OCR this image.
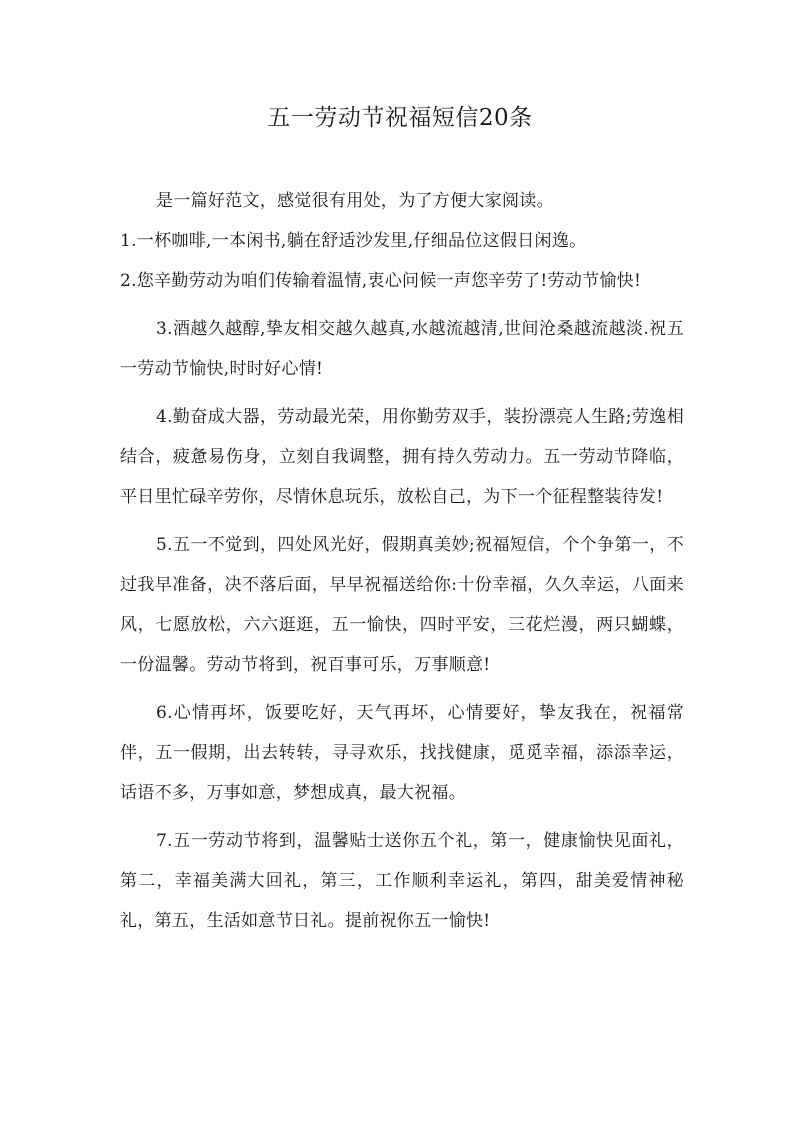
五一劳动节祝福短信20条

是一篇好范文，感觉很有用处，为了方便大家阅读。

1.一杯咖啡,一本闲书,躺在舒适沙发里,仔细品位这假日闲逸。

2.您辛勤劳动为咱们传输着温情,衷心问候一声您辛劳了!劳动节愉快!

3.酒越久越醇,挚友相交越久越真,水越流越清,世间沧桑越流越淡.祝五一劳动节愉快,时时好心情!

4.勤奋成大器，劳动最光荣，用你勤劳双手，装扮漂亮人生路;劳逸相结合，疲惫易伤身，立刻自我调整，拥有持久劳动力。五一劳动节降临，平日里忙碌辛劳你，尽情休息玩乐，放松自己，为下一个征程整装待发!

5.五一不觉到，四处风光好，假期真美妙;祝福短信，个个争第一，不过我早准备，决不落后面，早早祝福送给你:十份幸福，久久幸运，八面来风，七愿放松，六六逛逛，五一愉快，四时平安，三花烂漫，两只蝴蝶，一份温馨。劳动节将到，祝百事可乐，万事顺意!

6.心情再坏，饭要吃好，天气再坏，心情要好，挚友我在，祝福常伴，五一假期，出去转转，寻寻欢乐，找找健康，觅觅幸福，添添幸运，话语不多，万事如意，梦想成真，最大祝福。

7.五一劳动节将到，温馨贴士送你五个礼，第一，健康愉快见面礼，第二，幸福美满大回礼，第三，工作顺利幸运礼，第四，甜美爱情神秘礼，第五，生活如意节日礼。提前祝你五一愉快!
